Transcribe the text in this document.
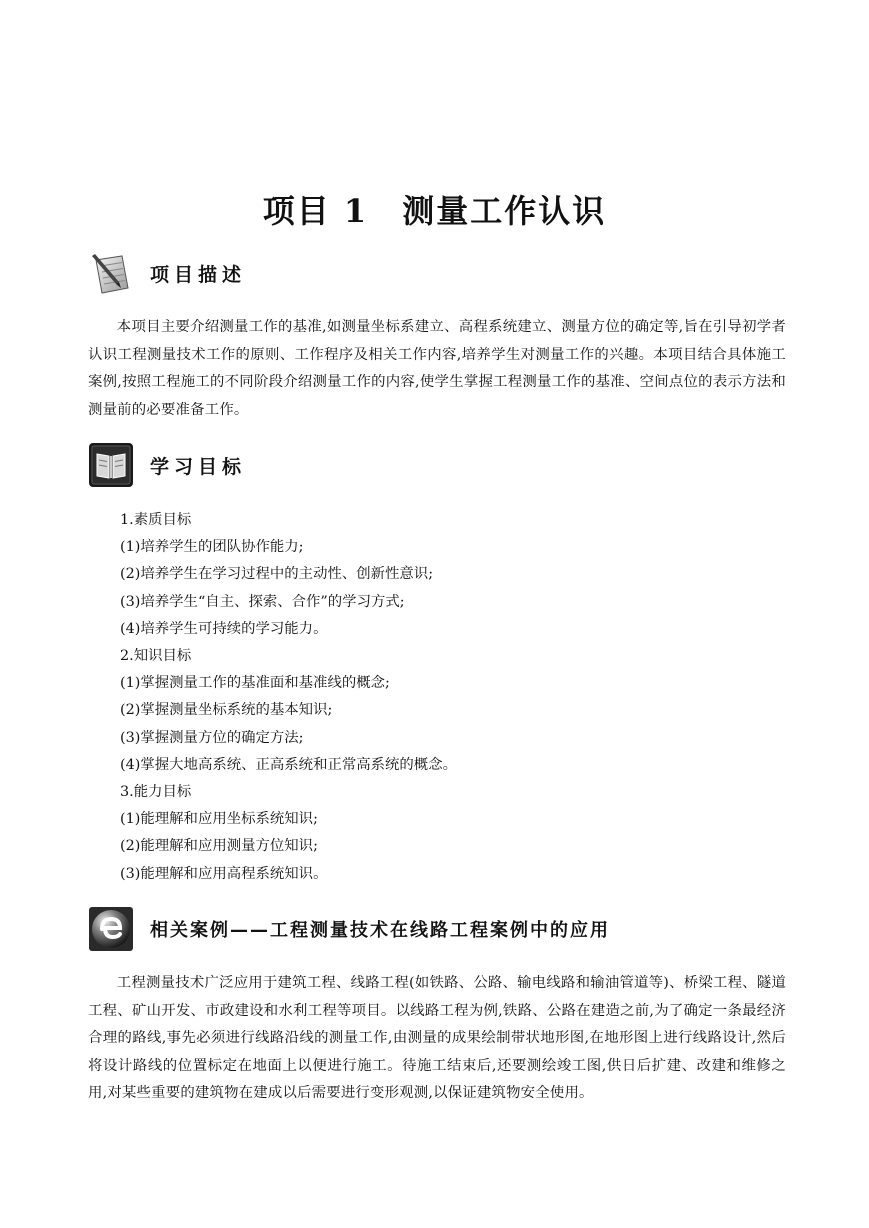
项目 1　测量工作认识
项目描述
本项目主要介绍测量工作的基准,如测量坐标系建立、高程系统建立、测量方位的确定等,旨在引导初学者认识工程测量技术工作的原则、工作程序及相关工作内容,培养学生对测量工作的兴趣。本项目结合具体施工案例,按照工程施工的不同阶段介绍测量工作的内容,使学生掌握工程测量工作的基准、空间点位的表示方法和测量前的必要准备工作。
学习目标
1.素质目标
(1)培养学生的团队协作能力;
(2)培养学生在学习过程中的主动性、创新性意识;
(3)培养学生“自主、探索、合作”的学习方式;
(4)培养学生可持续的学习能力。
2.知识目标
(1)掌握测量工作的基准面和基准线的概念;
(2)掌握测量坐标系统的基本知识;
(3)掌握测量方位的确定方法;
(4)掌握大地高系统、正高系统和正常高系统的概念。
3.能力目标
(1)能理解和应用坐标系统知识;
(2)能理解和应用测量方位知识;
(3)能理解和应用高程系统知识。
相关案例——工程测量技术在线路工程案例中的应用
工程测量技术广泛应用于建筑工程、线路工程(如铁路、公路、输电线路和输油管道等)、桥梁工程、隧道工程、矿山开发、市政建设和水利工程等项目。以线路工程为例,铁路、公路在建造之前,为了确定一条最经济合理的路线,事先必须进行线路沿线的测量工作,由测量的成果绘制带状地形图,在地形图上进行线路设计,然后将设计路线的位置标定在地面上以便进行施工。待施工结束后,还要测绘竣工图,供日后扩建、改建和维修之用,对某些重要的建筑物在建成以后需要进行变形观测,以保证建筑物安全使用。
